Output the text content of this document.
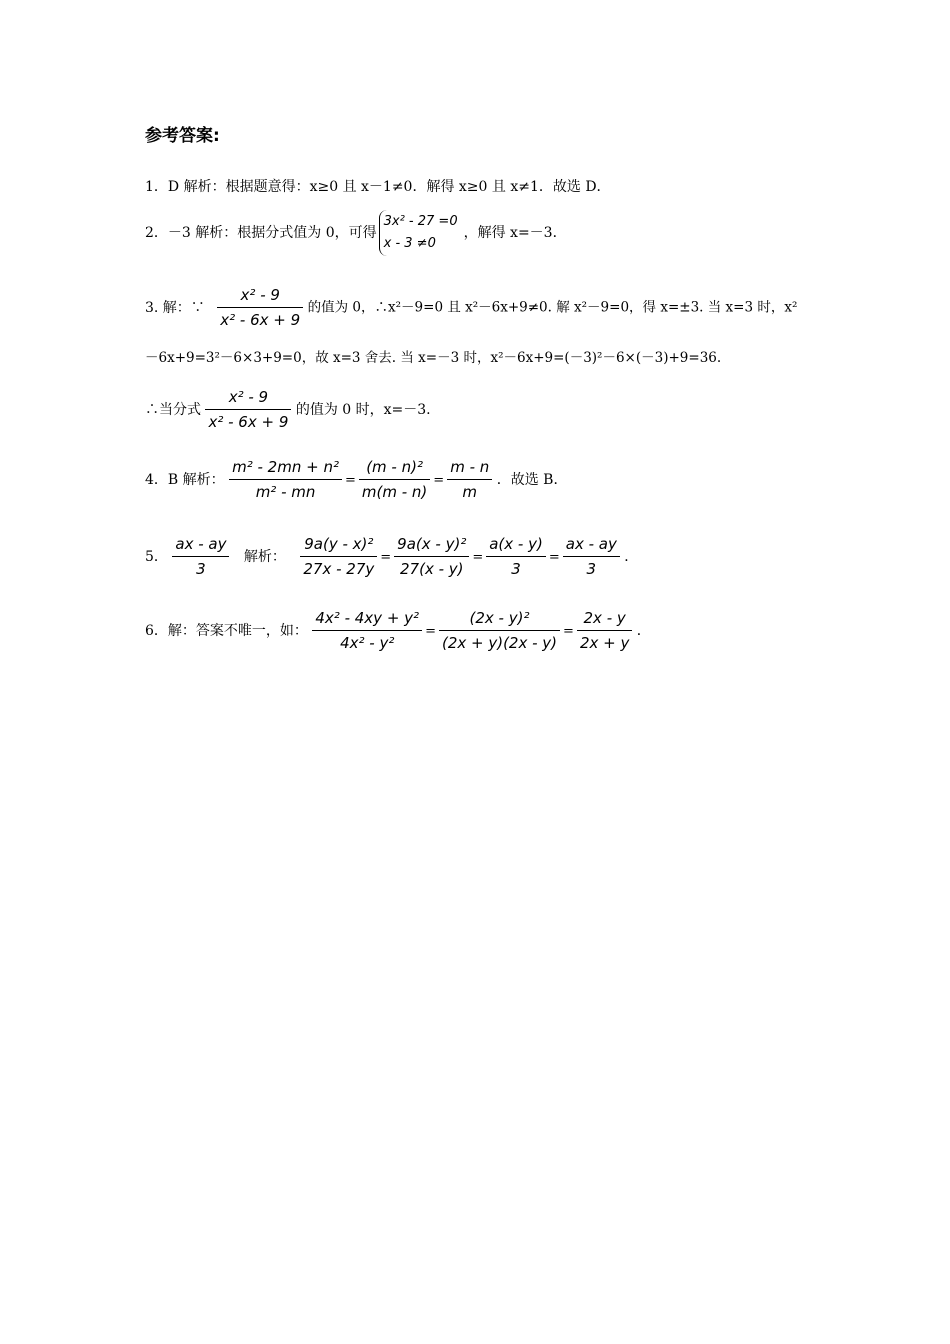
参考答案:
1．D 解析：根据题意得：x≥0 且 x－1≠0．解得 x≥0 且 x≠1．故选 D．
2．－3 解析：根据分式值为 0，可得
3x² - 27 =0
x - 3 ≠0
，解得 x=－3．
3. 解：∵ $\frac{\text{x² - 9}}{\text{x² - 6x + 9}}$ 的值为 0，∴x²－9=0 且 x²－6x+9≠0. 解 x²－9=0，得 x=±3. 当 x=3 时，x²
－6x+9=3²－6×3+9=0，故 x=3 舍去. 当 x=－3 时，x²－6x+9=(－3)²－6×(－3)+9=36.
∴当分式 $\frac{\text{x² - 9}}{\text{x² - 6x + 9}}$ 的值为 0 时，x=－3.
4．B 解析： $\frac{\text{m² - 2mn + n²}}{\text{m² - mn}} = \frac{\text{(m - n)²}}{m(m - n)} = \frac{m - n}{m}$ ．故选 B．
5． $\frac{ax - ay}{3}$ 解析： $\frac{\text{9a(y - x)²}}{27x - 27y} = \frac{\text{9a(x - y)²}}{27(x - y)} = \frac{a(x - y)}{3} = \frac{ax - ay}{3}$ ．
6．解：答案不唯一，如： $\frac{\text{4x² - 4xy + y²}}{\text{4x² - y²}} = \frac{\text{(2x - y)²}}{(2x + y)(2x - y)} = \frac{2x - y}{2x + y}$ ．
